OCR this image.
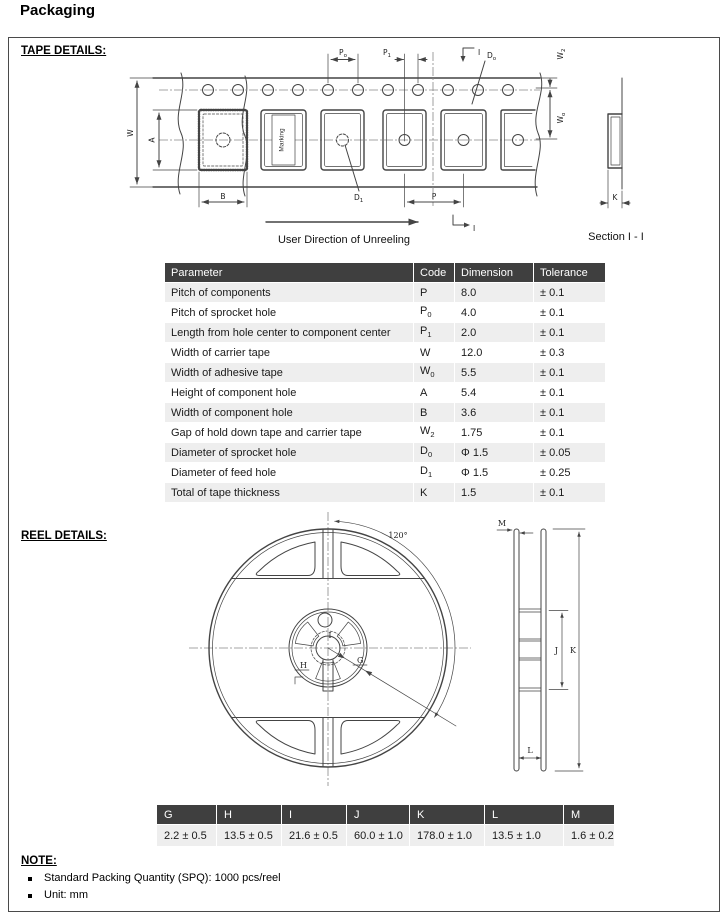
Packaging
TAPE DETAILS:
Marking
$D_1$
W
A
B	P
$P_o$	$P_1$	$D_o$	$W_2$
$W_o$
I
I
User Direction of Unreeling
K
Section I - I
Parameter	Code	Dimension	Tolerance
Pitch of components	P	8.0	± 0.1
Pitch of sprocket hole	$P_0$	4.0	± 0.1
Length from hole center to component center	$P_1$	2.0	± 0.1
Width of carrier tape	W	12.0	± 0.3
Width of adhesive tape	$W_0$	5.5	± 0.1
Height of component hole	A	5.4	± 0.1
Width of component hole	B	3.6	± 0.1
Gap of hold down tape and carrier tape	$W_2$	1.75	± 0.1
Diameter of sprocket hole	$D_0$	Φ 1.5	± 0.05
Diameter of feed hole	$D_1$	Φ 1.5	± 0.25
Total of tape thickness	K	1.5	± 0.1
REEL DETAILS:
H
G
I
120°
M
K
J
L
G	H	I	J	K	L	M
2.2 ± 0.5	13.5 ± 0.5	21.6 ± 0.5	60.0 ± 1.0	178.0 ± 1.0	13.5 ± 1.0	1.6 ± 0.2
NOTE:
Standard Packing Quantity (SPQ): 1000 pcs/reel
Unit: mm
